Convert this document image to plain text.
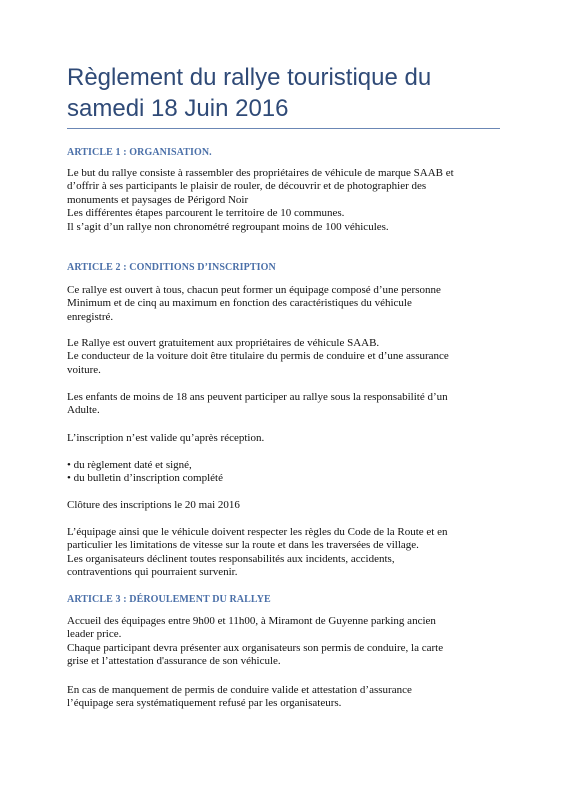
Règlement du rallye touristique du
samedi 18 Juin 2016
ARTICLE 1 : ORGANISATION.

Le but du rallye consiste à rassembler des propriétaires de véhicule de marque SAAB et
d’offrir à ses participants le plaisir de rouler, de découvrir et de photographier des
monuments et paysages de Périgord Noir
Les différentes étapes parcourent le territoire de 10 communes.
Il s’agit d’un rallye non chronométré regroupant moins de 100 véhicules.

ARTICLE 2 : CONDITIONS D’INSCRIPTION

Ce rallye est ouvert à tous, chacun peut former un équipage composé d’une personne
Minimum et de cinq au maximum en fonction des caractéristiques du véhicule
enregistré.

Le Rallye est ouvert gratuitement aux propriétaires de véhicule SAAB.
Le conducteur de la voiture doit être titulaire du permis de conduire et d’une assurance
voiture.

Les enfants de moins de 18 ans peuvent participer au rallye sous la responsabilité d’un
Adulte.

L’inscription n’est valide qu’après réception.

• du règlement daté et signé,
• du bulletin d’inscription complété

Clôture des inscriptions le 20 mai 2016

L’équipage ainsi que le véhicule doivent respecter les règles du Code de la Route et en
particulier les limitations de vitesse sur la route et dans les traversées de village.
Les organisateurs déclinent toutes responsabilités aux incidents, accidents,
contraventions qui pourraient survenir.

ARTICLE 3 : DÉROULEMENT DU RALLYE

Accueil des équipages entre 9h00 et 11h00, à Miramont de Guyenne parking ancien
leader price.
Chaque participant devra présenter aux organisateurs son permis de conduire, la carte
grise et l’attestation d'assurance de son véhicule.

En cas de manquement de permis de conduire valide et attestation d’assurance
l’équipage sera systématiquement refusé par les organisateurs.
